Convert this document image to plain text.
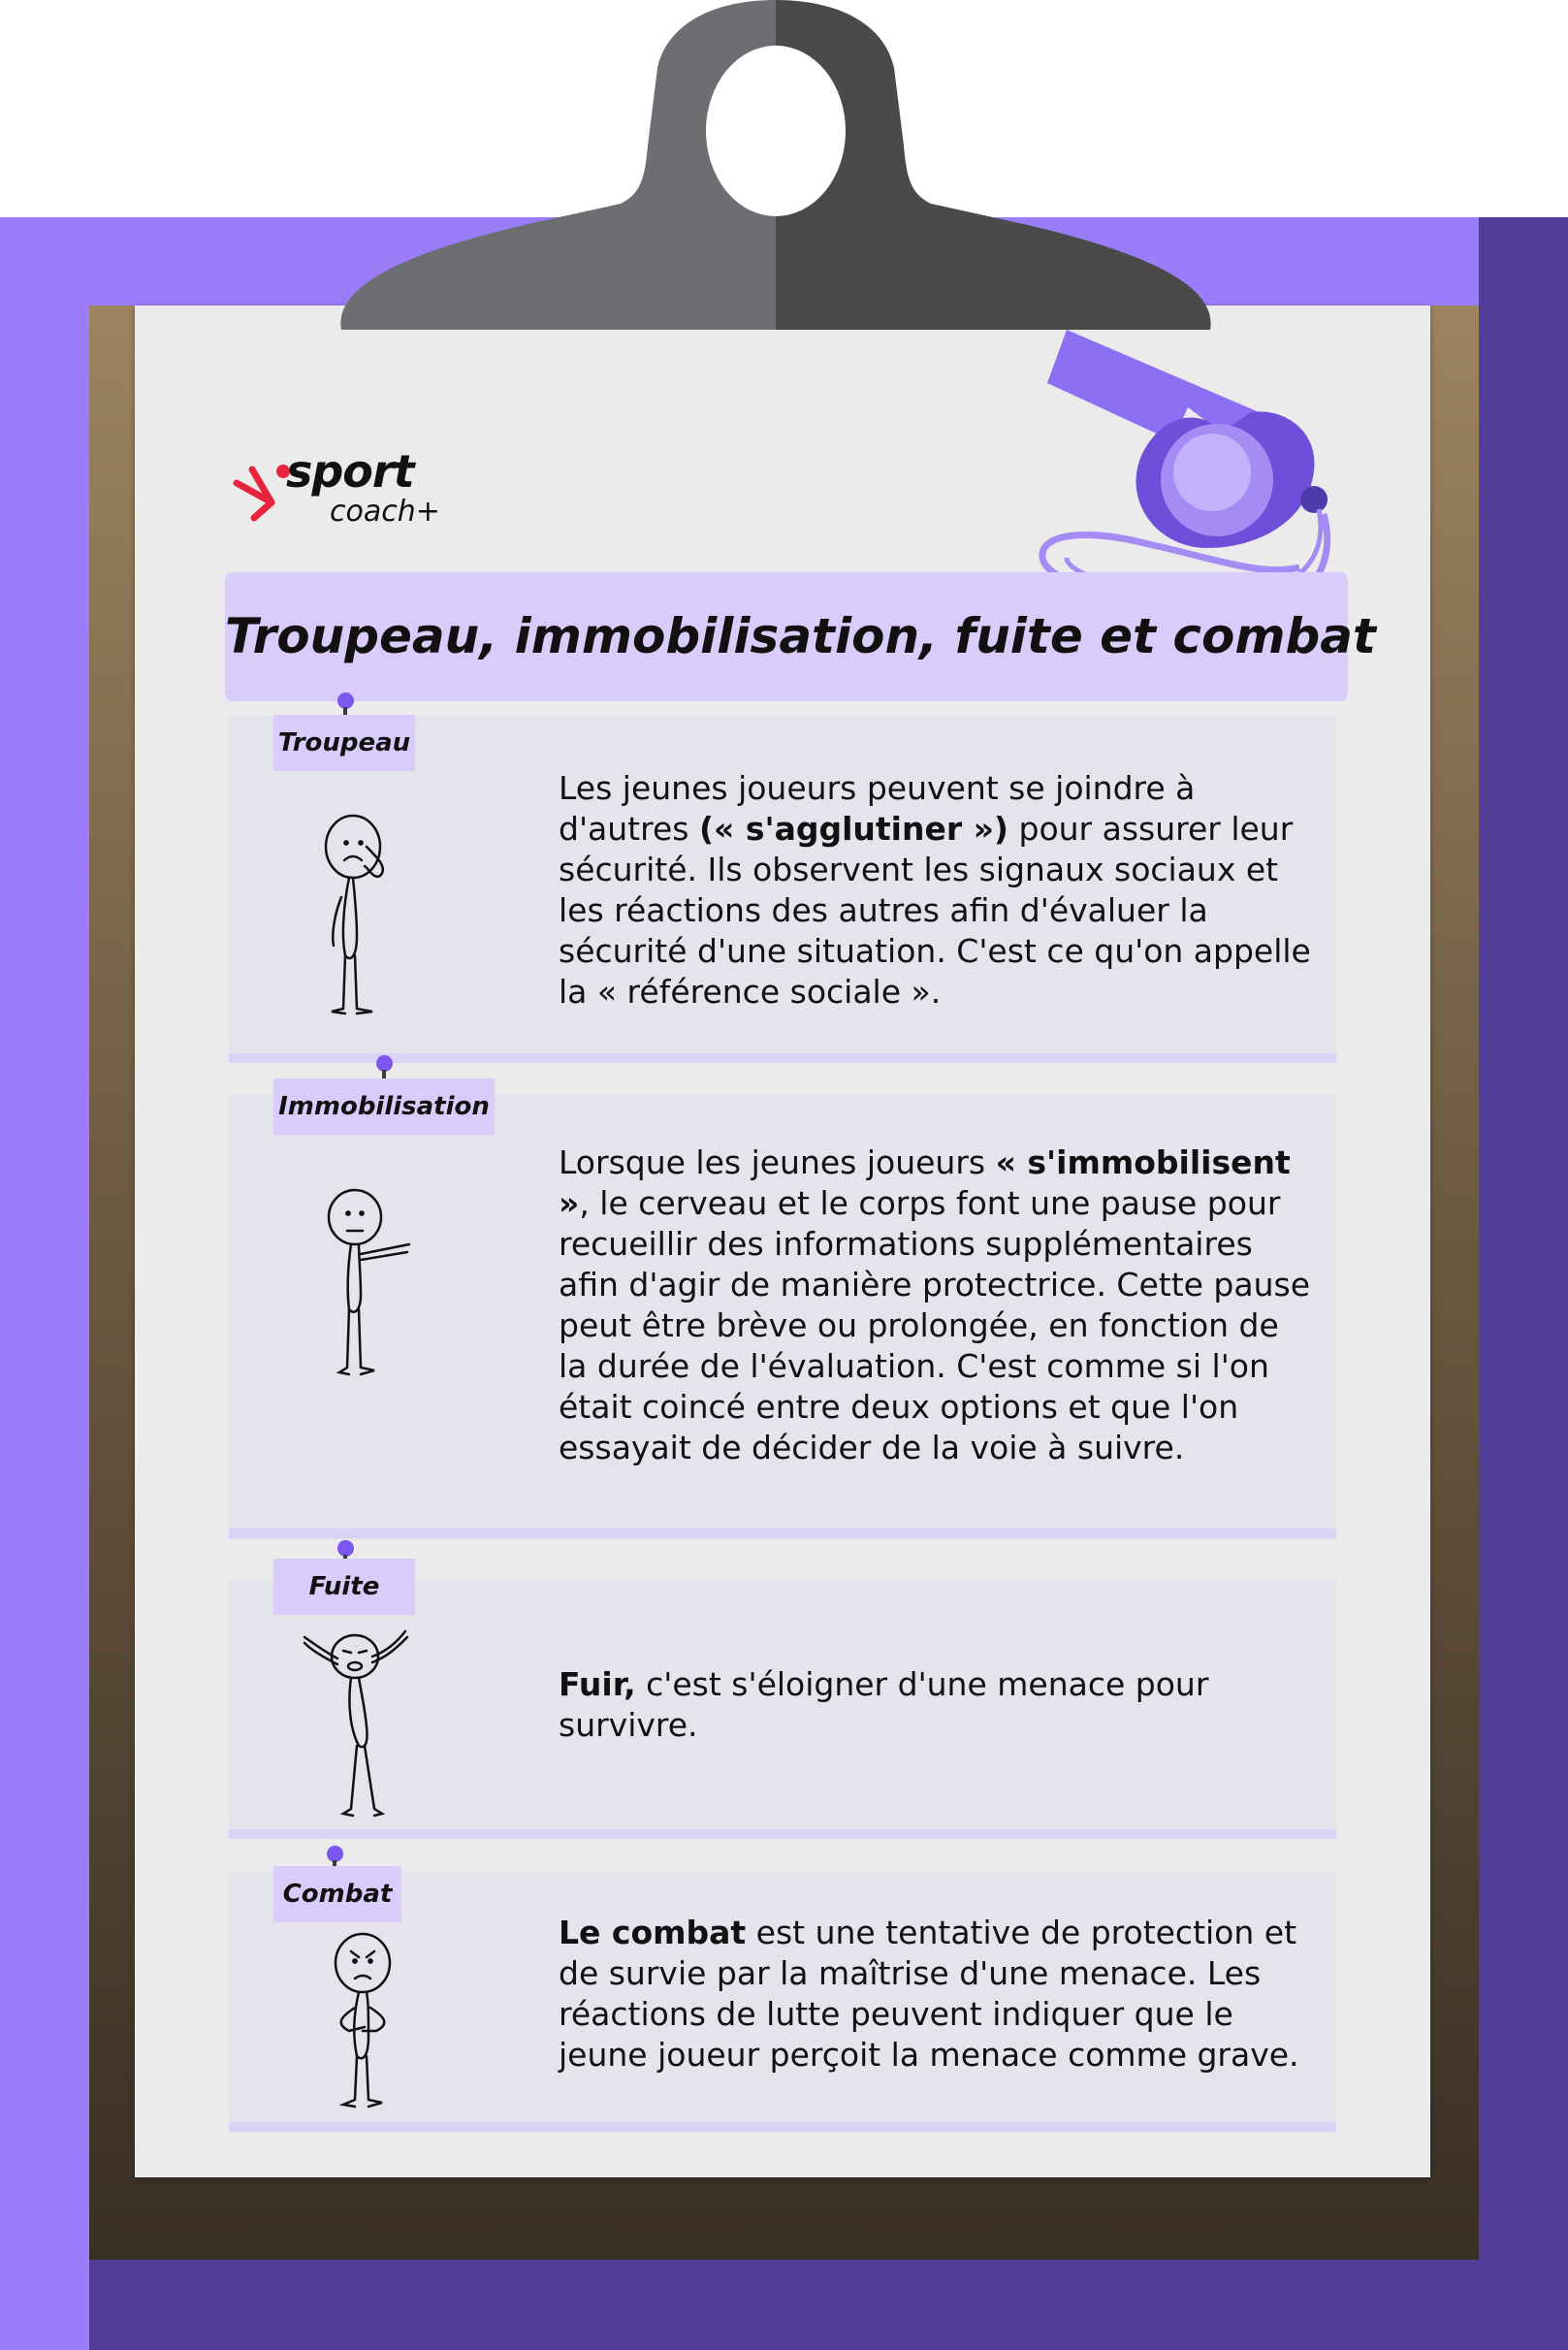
sport
coach+
Troupeau, immobilisation, fuite et combat
Troupeau
Les jeunes joueurs peuvent se joindre à d'autres (« s'agglutiner ») pour assurer leur sécurité. Ils observent les signaux sociaux et les réactions des autres afin d'évaluer la sécurité d'une situation. C'est ce qu'on appelle la « référence sociale ».
Immobilisation
Lorsque les jeunes joueurs « s'immobilisent », le cerveau et le corps font une pause pour recueillir des informations supplémentaires afin d'agir de manière protectrice. Cette pause peut être brève ou prolongée, en fonction de la durée de l'évaluation. C'est comme si l'on était coincé entre deux options et que l'on essayait de décider de la voie à suivre.
Fuite
Fuir, c'est s'éloigner d'une menace pour survivre.
Combat
Le combat est une tentative de protection et de survie par la maîtrise d'une menace. Les réactions de lutte peuvent indiquer que le jeune joueur perçoit la menace comme grave.
